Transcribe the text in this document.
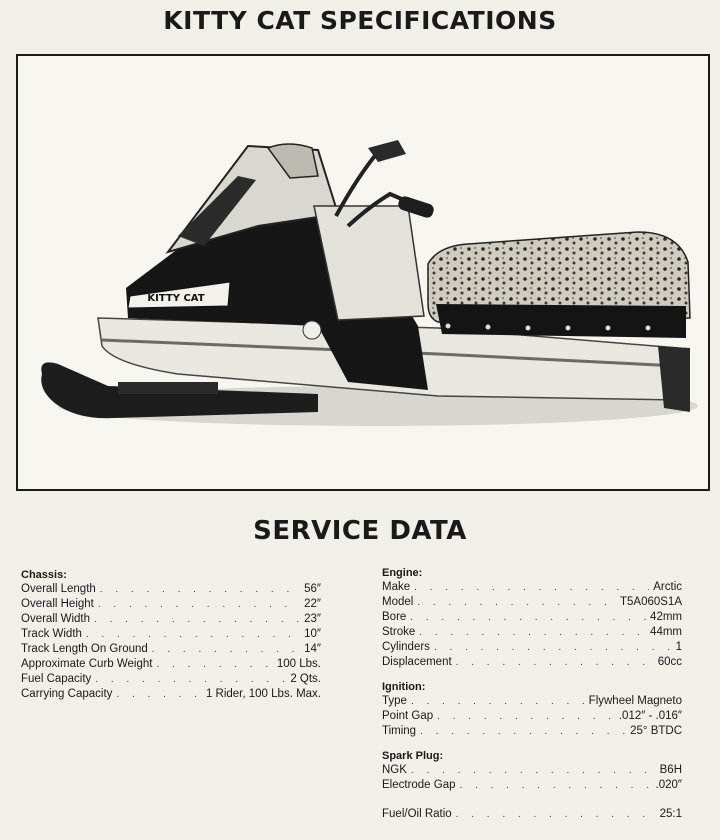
KITTY CAT SPECIFICATIONS
KITTY CAT
SERVICE DATA
Chassis:
Overall Length . . .	56″
Overall Height . . .	22″
Overall Width . . .	23″
Track Width . . .	10″
Track Length On Ground . . .	14″
Approximate Curb Weight . . .	100 Lbs.
Fuel Capacity . . .	2 Qts.
Carrying Capacity . . .	1 Rider, 100 Lbs. Max.
Engine:
Make . . .	Arctic
Model . . .	T5A060S1A
Bore . . .	42mm
Stroke . . .	44mm
Cylinders . . .	1
Displacement . . .	60cc
Ignition:
Type . . .	Flywheel Magneto
Point Gap . . .	.012″ - .016″
Timing . . .	25° BTDC
Spark Plug:
NGK . . .	B6H
Electrode Gap . . .	.020″
Fuel/Oil Ratio . . .	25:1
